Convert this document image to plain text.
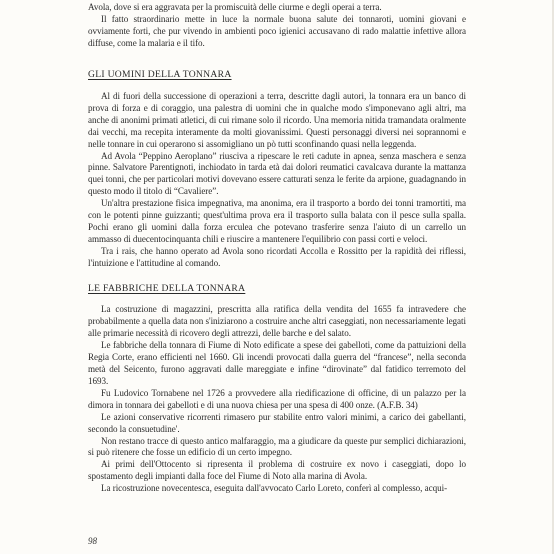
Avola, dove si era aggravata per la promiscuità delle ciurme e degli operai a terra.

Il fatto straordinario mette in luce la normale buona salute dei tonnaroti, uomini giovani e ovviamente forti, che pur vivendo in ambienti poco igienici accusavano di rado malattie infettive allora diffuse, come la malaria e il tifo.

GLI UOMINI DELLA TONNARA

Al di fuori della successione di operazioni a terra, descritte dagli autori, la tonnara era un banco di prova di forza e di coraggio, una palestra di uomini che in qualche modo s'imponevano agli altri, ma anche di anonimi primati atletici, di cui rimane solo il ricordo. Una memoria nitida tramandata oralmente dai vecchi, ma recepita interamente da molti giovanissimi. Questi personaggi diversi nei soprannomi e nelle tonnare in cui operarono si assomigliano un pò tutti sconfinando quasi nella leggenda.

Ad Avola “Peppino Aeroplano” riusciva a ripescare le reti cadute in apnea, senza maschera e senza pinne. Salvatore Parentignoti, inchiodato in tarda età dai dolori reumatici cavalcava durante la mattanza quei tonni, che per particolari motivi dovevano essere catturati senza le ferite da arpione, guadagnando in questo modo il titolo di “Cavaliere”.

Un'altra prestazione fisica impegnativa, ma anonima, era il trasporto a bordo dei tonni tramortiti, ma con le potenti pinne guizzanti; quest'ultima prova era il trasporto sulla balata con il pesce sulla spalla. Pochi erano gli uomini dalla forza erculea che potevano trasferire senza l'aiuto di un carrello un ammasso di duecentocinquanta chili e riuscire a mantenere l'equilibrio con passi corti e veloci.

Tra i rais, che hanno operato ad Avola sono ricordati Accolla e Rossitto per la rapidità dei riflessi, l'intuizione e l'attitudine al comando.

LE FABBRICHE DELLA TONNARA

La costruzione di magazzini, prescritta alla ratifica della vendita del 1655 fa intravedere che probabilmente a quella data non s'iniziarono a costruire anche altri caseggiati, non necessariamente legati alle primarie necessità di ricovero degli attrezzi, delle barche e del salato.

Le fabbriche della tonnara di Fiume di Noto edificate a spese dei gabelloti, come da pattuizioni della Regia Corte, erano efficienti nel 1660. Gli incendi provocati dalla guerra del “francese”, nella seconda metà del Seicento, furono aggravati dalle mareggiate e infine “dirovinate” dal fatidico terremoto del 1693.

Fu Ludovico Tornabene nel 1726 a provvedere alla riedificazione di officine, di un palazzo per la dimora in tonnara dei gabelloti e di una nuova chiesa per una spesa di 400 onze. (A.F.B. 34)

Le azioni conservative ricorrenti rimasero pur stabilite entro valori minimi, a carico dei gabellanti, secondo la consuetudine'.

Non restano tracce di questo antico malfaraggio, ma a giudicare da queste pur semplici dichiarazioni, si può ritenere che fosse un edificio di un certo impegno.

Ai primi dell'Ottocento si ripresenta il problema di costruire ex novo i caseggiati, dopo lo spostamento degli impianti dalla foce del Fiume di Noto alla marina di Avola.

La ricostruzione novecentesca, eseguita dall'avvocato Carlo Loreto, conferì al complesso, acqui-

98
